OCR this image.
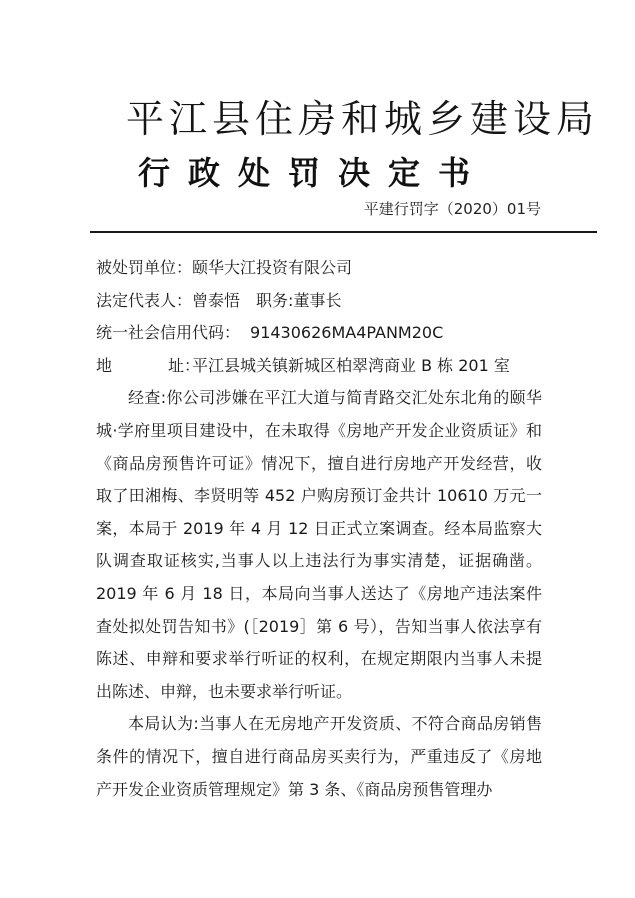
平江县住房和城乡建设局
行政处罚决定书
平建行罚字（2020）01号
被处罚单位：颐华大江投资有限公司
法定代表人：曾泰悟 职务:董事长
统一社会信用代码： 91430626MA4PANM20C
地	址：平江县城关镇新城区柏翠湾商业 B 栋 201 室

经查:你公司涉嫌在平江大道与简青路交汇处东北角的颐华城·学府里项目建设中，在未取得《房地产开发企业资质证》和《商品房预售许可证》情况下，擅自进行房地产开发经营，收取了田湘梅、李贤明等 452 户购房预订金共计 10610 万元一案，本局于 2019 年 4 月 12 日正式立案调查。经本局监察大队调查取证核实,当事人以上违法行为事实清楚，证据确凿。2019 年 6 月 18 日，本局向当事人送达了《房地产违法案件查处拟处罚告知书》(［2019］第 6 号），告知当事人依法享有陈述、申辩和要求举行听证的权利，在规定期限内当事人未提出陈述、申辩，也未要求举行听证。

本局认为:当事人在无房地产开发资质、不符合商品房销售条件的情况下，擅自进行商品房买卖行为，严重违反了《房地产开发企业资质管理规定》第 3 条、《商品房预售管理办
